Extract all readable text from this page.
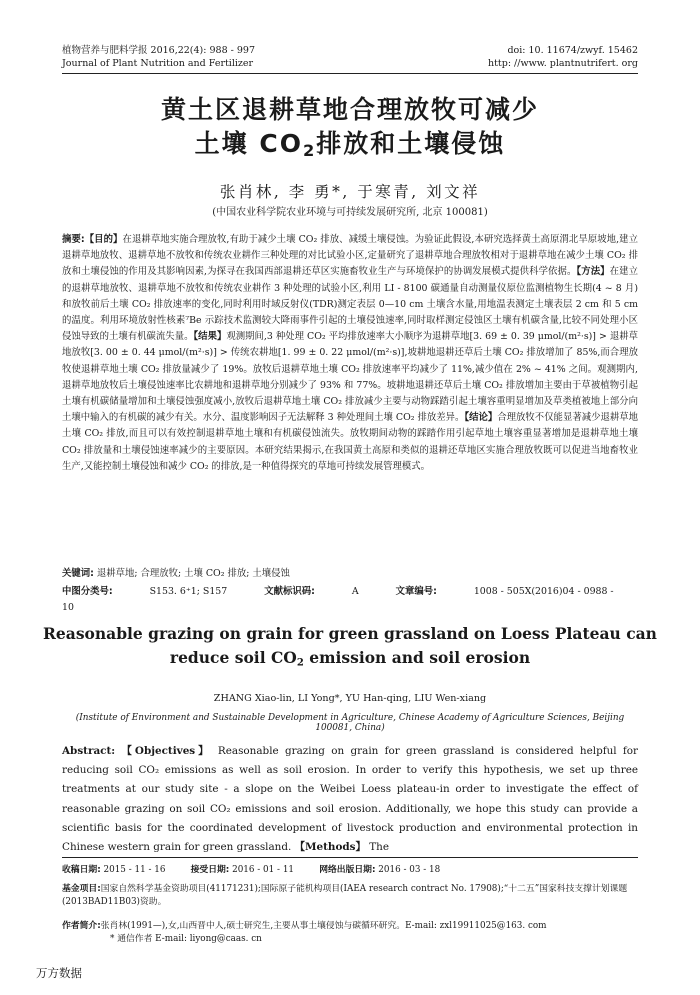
植物营养与肥料学报 2016,22(4): 988 - 997	doi: 10. 11674/zwyf. 15462
Journal of Plant Nutrition and Fertilizer	http: //www. plantnutrifert. org
黄土区退耕草地合理放牧可减少
土壤 $CO_2$排放和土壤侵蚀
张肖林, 李 勇*, 于寒青, 刘文祥
(中国农业科学院农业环境与可持续发展研究所, 北京 100081)
摘要:【目的】在退耕草地实施合理放牧,有助于减少土壤 CO₂ 排放、减缓土壤侵蚀。为验证此假设,本研究选择黄土高原渭北旱原坡地,建立退耕草地放牧、退耕草地不放牧和传统农业耕作三种处理的对比试验小区,定量研究了退耕草地合理放牧相对于退耕草地在减少土壤 CO₂ 排放和土壤侵蚀的作用及其影响因素,为探寻在我国西部退耕还草区实施畜牧业生产与环境保护的协调发展模式提供科学依据。【方法】在建立的退耕草地放牧、退耕草地不放牧和传统农业耕作 3 种处理的试验小区,利用 LI - 8100 碳通量自动测量仪原位监测植物生长期(4 ~ 8 月)和放牧前后土壤 CO₂ 排放速率的变化,同时利用时域反射仪(TDR)测定表层 0—10 cm 土壤含水量,用地温表测定土壤表层 2 cm 和 5 cm 的温度。利用环境放射性核素⁷Be 示踪技术监测较大降雨事件引起的土壤侵蚀速率,同时取样测定侵蚀区土壤有机碳含量,比较不同处理小区侵蚀导致的土壤有机碳流失量。【结果】观测期间,3 种处理 CO₂ 平均排放速率大小顺序为退耕草地[3. 69 ± 0. 39 μmol/(m²·s)] > 退耕草地放牧[3. 00 ± 0. 44 μmol/(m²·s)] > 传统农耕地[1. 99 ± 0. 22 μmol/(m²·s)],坡耕地退耕还草后土壤 CO₂ 排放增加了 85%,而合理放牧使退耕草地土壤 CO₂ 排放量减少了 19%。放牧后退耕草地土壤 CO₂ 排放速率平均减少了 11%,减少值在 2% ~ 41% 之间。观测期内,退耕草地放牧后土壤侵蚀速率比农耕地和退耕草地分别减少了 93% 和 77%。坡耕地退耕还草后土壤 CO₂ 排放增加主要由于草被植物引起土壤有机碳储量增加和土壤侵蚀强度减小,放牧后退耕草地土壤 CO₂ 排放减少主要与动物踩踏引起土壤容重明显增加及草类植被地上部分向土壤中输入的有机碳的减少有关。水分、温度影响因子无法解释 3 种处理间土壤 CO₂ 排放差异。【结论】合理放牧不仅能显著减少退耕草地土壤 CO₂ 排放,而且可以有效控制退耕草地土壤和有机碳侵蚀流失。放牧期间动物的踩踏作用引起草地土壤容重显著增加是退耕草地土壤 CO₂ 排放量和土壤侵蚀速率减少的主要原因。本研究结果揭示,在我国黄土高原和类似的退耕还草地区实施合理放牧既可以促进当地畜牧业生产,又能控制土壤侵蚀和减少 CO₂ 的排放,是一种值得探究的草地可持续发展管理模式。
关键词: 退耕草地; 合理放牧; 土壤 CO₂ 排放; 土壤侵蚀
中图分类号:	S153. 6⁺1; S157	文献标识码:	A	文章编号:	1008 - 505X(2016)04 - 0988 - 10
Reasonable grazing on grain for green grassland on Loess Plateau can
reduce soil $CO_2$ emission and soil erosion
ZHANG Xiao-lin, LI Yong*, YU Han-qing, LIU Wen-xiang
(Institute of Environment and Sustainable Development in Agriculture, Chinese Academy of Agriculture Sciences, Beijing 100081, China)
Abstract: 【Objectives】 Reasonable grazing on grain for green grassland is considered helpful for reducing soil CO₂ emissions as well as soil erosion. In order to verify this hypothesis, we set up three treatments at our study site - a slope on the Weibei Loess plateau-in order to investigate the effect of reasonable grazing on soil CO₂ emissions and soil erosion. Additionally, we hope this study can provide a scientific basis for the coordinated development of livestock production and environmental protection in Chinese western grain for green grassland. 【Methods】 The
收稿日期: 2015 - 11 - 16	接受日期: 2016 - 01 - 11	网络出版日期: 2016 - 03 - 18
基金项目:国家自然科学基金资助项目(41171231);国际原子能机构项目(IAEA research contract No. 17908);“十二五”国家科技支撑计划课题(2013BAD11B03)资助。
作者简介:张肖林(1991—),女,山西晋中人,硕士研究生,主要从事土壤侵蚀与碳循环研究。E-mail: zxl19911025@163. com
* 通信作者 E-mail: liyong@caas. cn
万方数据
